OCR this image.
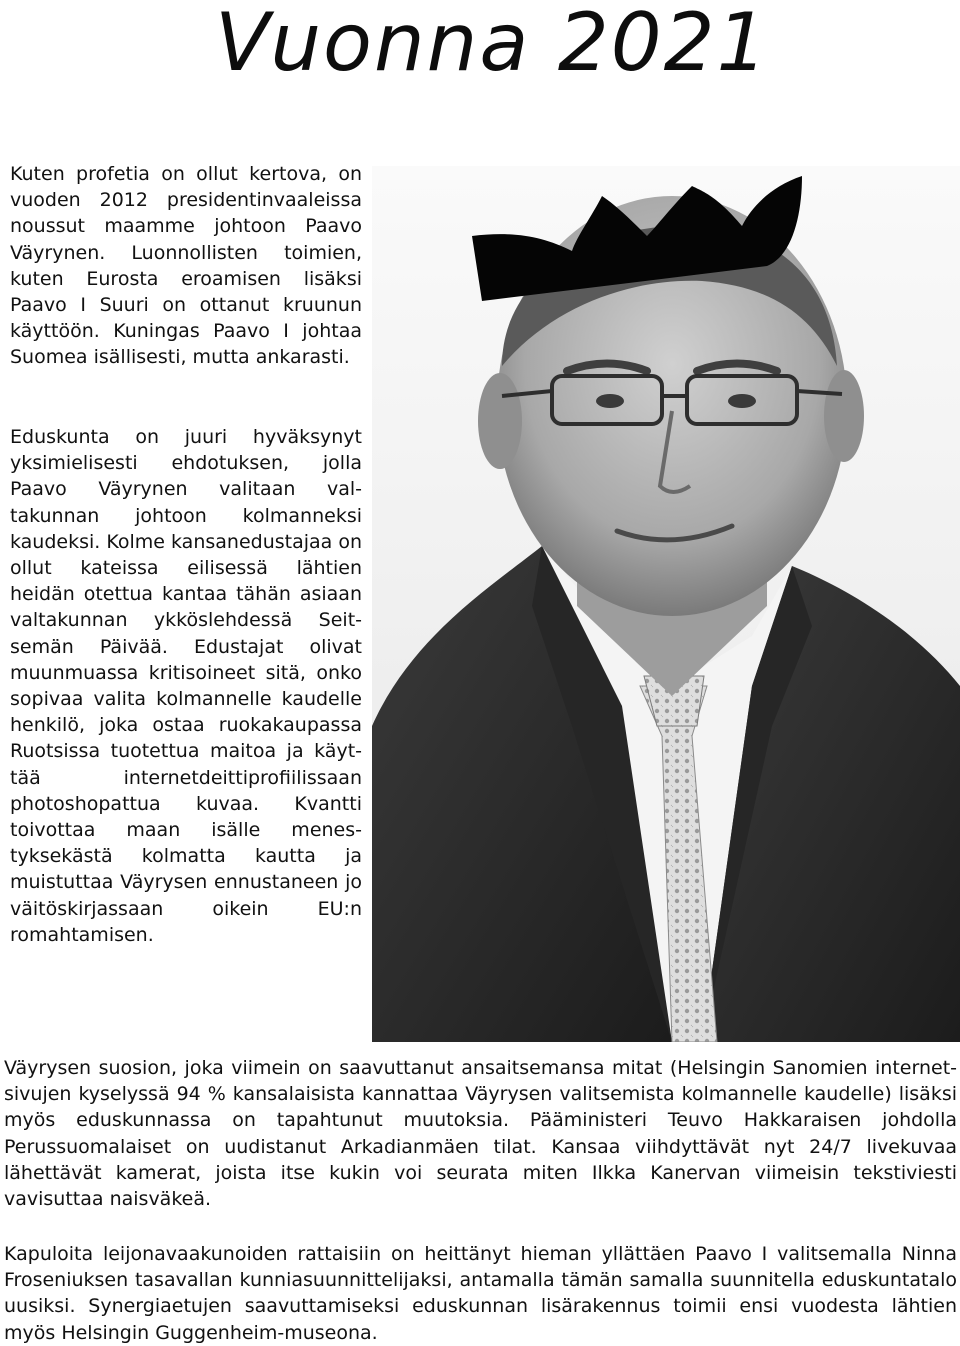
Vuonna 2021

Kuten profetia on ollut kertova, on vuoden 2012 presidentinvaaleissa noussut maamme johtoon Paavo Väyrynen. Luonnollisten toimien, kuten Eurosta eroamisen lisäksi Paavo I Suuri on ottanut kruunun käyttöön. Kuningas Paavo I johtaa Suomea isällisesti, mutta ankarasti.

Eduskunta on juuri hyväksynyt yksimielisesti ehdotuksen, jolla Paavo Väyrynen valitaan valtakunnan johtoon kolmanneksi kaudeksi. Kolme kansanedustajaa on ollut kateissa eilisessä lähtien heidän otettua kantaa tähän asiaan valtakunnan ykköslehdessä Seitsemän Päivää. Edustajat olivat muunmuassa kritisoineet sitä, onko sopivaa valita kolmannelle kaudelle henkilö, joka ostaa ruokakaupassa Ruotsissa tuotettua maitoa ja käyttää internetdeittiprofiilissaan photoshopattua kuvaa. Kvantti toivottaa maan isälle menestyksekästä kolmatta kautta ja muistuttaa Väyrysen ennustaneen jo väitöskirjassaan oikein EU:n romahtamisen.

Väyrysen suosion, joka viimein on saavuttanut ansaitsemansa mitat (Helsingin Sanomien internet-sivujen kyselyssä 94 % kansalaisista kannattaa Väyrysen valitsemista kolmannelle kaudelle) lisäksi myös eduskunnassa on tapahtunut muutoksia. Pääministeri Teuvo Hakkaraisen johdolla Perussuomalaiset on uudistanut Arkadianmäen tilat. Kansaa viihdyttävät nyt 24/7 livekuvaa lähettävät kamerat, joista itse kukin voi seurata miten Ilkka Kanervan viimeisin tekstiviesti vavisuttaa naisväkeä.

Kapuloita leijonavaakunoiden rattaisiin on heittänyt hieman yllättäen Paavo I valitsemalla Ninna Froseniuksen tasavallan kunniasuunnittelijaksi, antamalla tämän samalla suunnitella eduskuntatalo uusiksi. Synergiaetujen saavuttamiseksi eduskunnan lisärakennus toimii ensi vuodesta lähtien myös Helsingin Guggenheim-museona.
